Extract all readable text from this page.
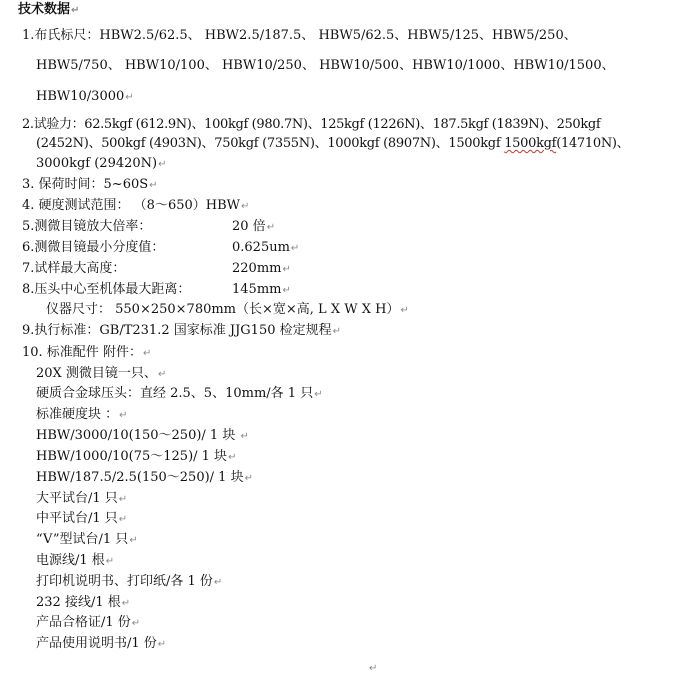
技术数据↵
1.布氏标尺：HBW2.5/62.5、 HBW2.5/187.5、 HBW5/62.5、HBW5/125、HBW5/250、
HBW5/750、 HBW10/100、 HBW10/250、 HBW10/500、HBW10/1000、HBW10/1500、
HBW10/3000↵
2.试验力：62.5kgf (612.9N)、100kgf (980.7N)、125kgf (1226N)、187.5kgf (1839N)、250kgf
(2452N)、500kgf (4903N)、750kgf (7355N)、1000kgf (8907N)、1500kgf 1500kgf(14710N)、
3000kgf (29420N)↵
3. 保荷时间：5~60S↵
4. 硬度测试范围： （8～650）HBW↵
5.测微目镜放大倍率：	20 倍↵
6.测微目镜最小分度值：	0.625um↵
7.试样最大高度：	220mm↵
8.压头中心至机体最大距离：	145mm↵
仪器尺寸： 550×250×780mm（长×宽×高, L X W X H）↵
9.执行标准：GB/T231.2 国家标准 JJG150 检定规程↵
10. 标准配件 附件：↵
20X 测微目镜一只、↵
硬质合金球压头：直经 2.5、5、10mm/各 1 只↵
标准硬度块 ：↵
HBW/3000/10(150～250)/ 1 块 ↵
HBW/1000/10(75～125)/ 1 块↵
HBW/187.5/2.5(150～250)/ 1 块↵
大平试台/1 只↵
中平试台/1 只↵
“V”型试台/1 只↵
电源线/1 根↵
打印机说明书、打印纸/各 1 份↵
232 接线/1 根↵
产品合格证/1 份↵
产品使用说明书/1 份↵
↵
